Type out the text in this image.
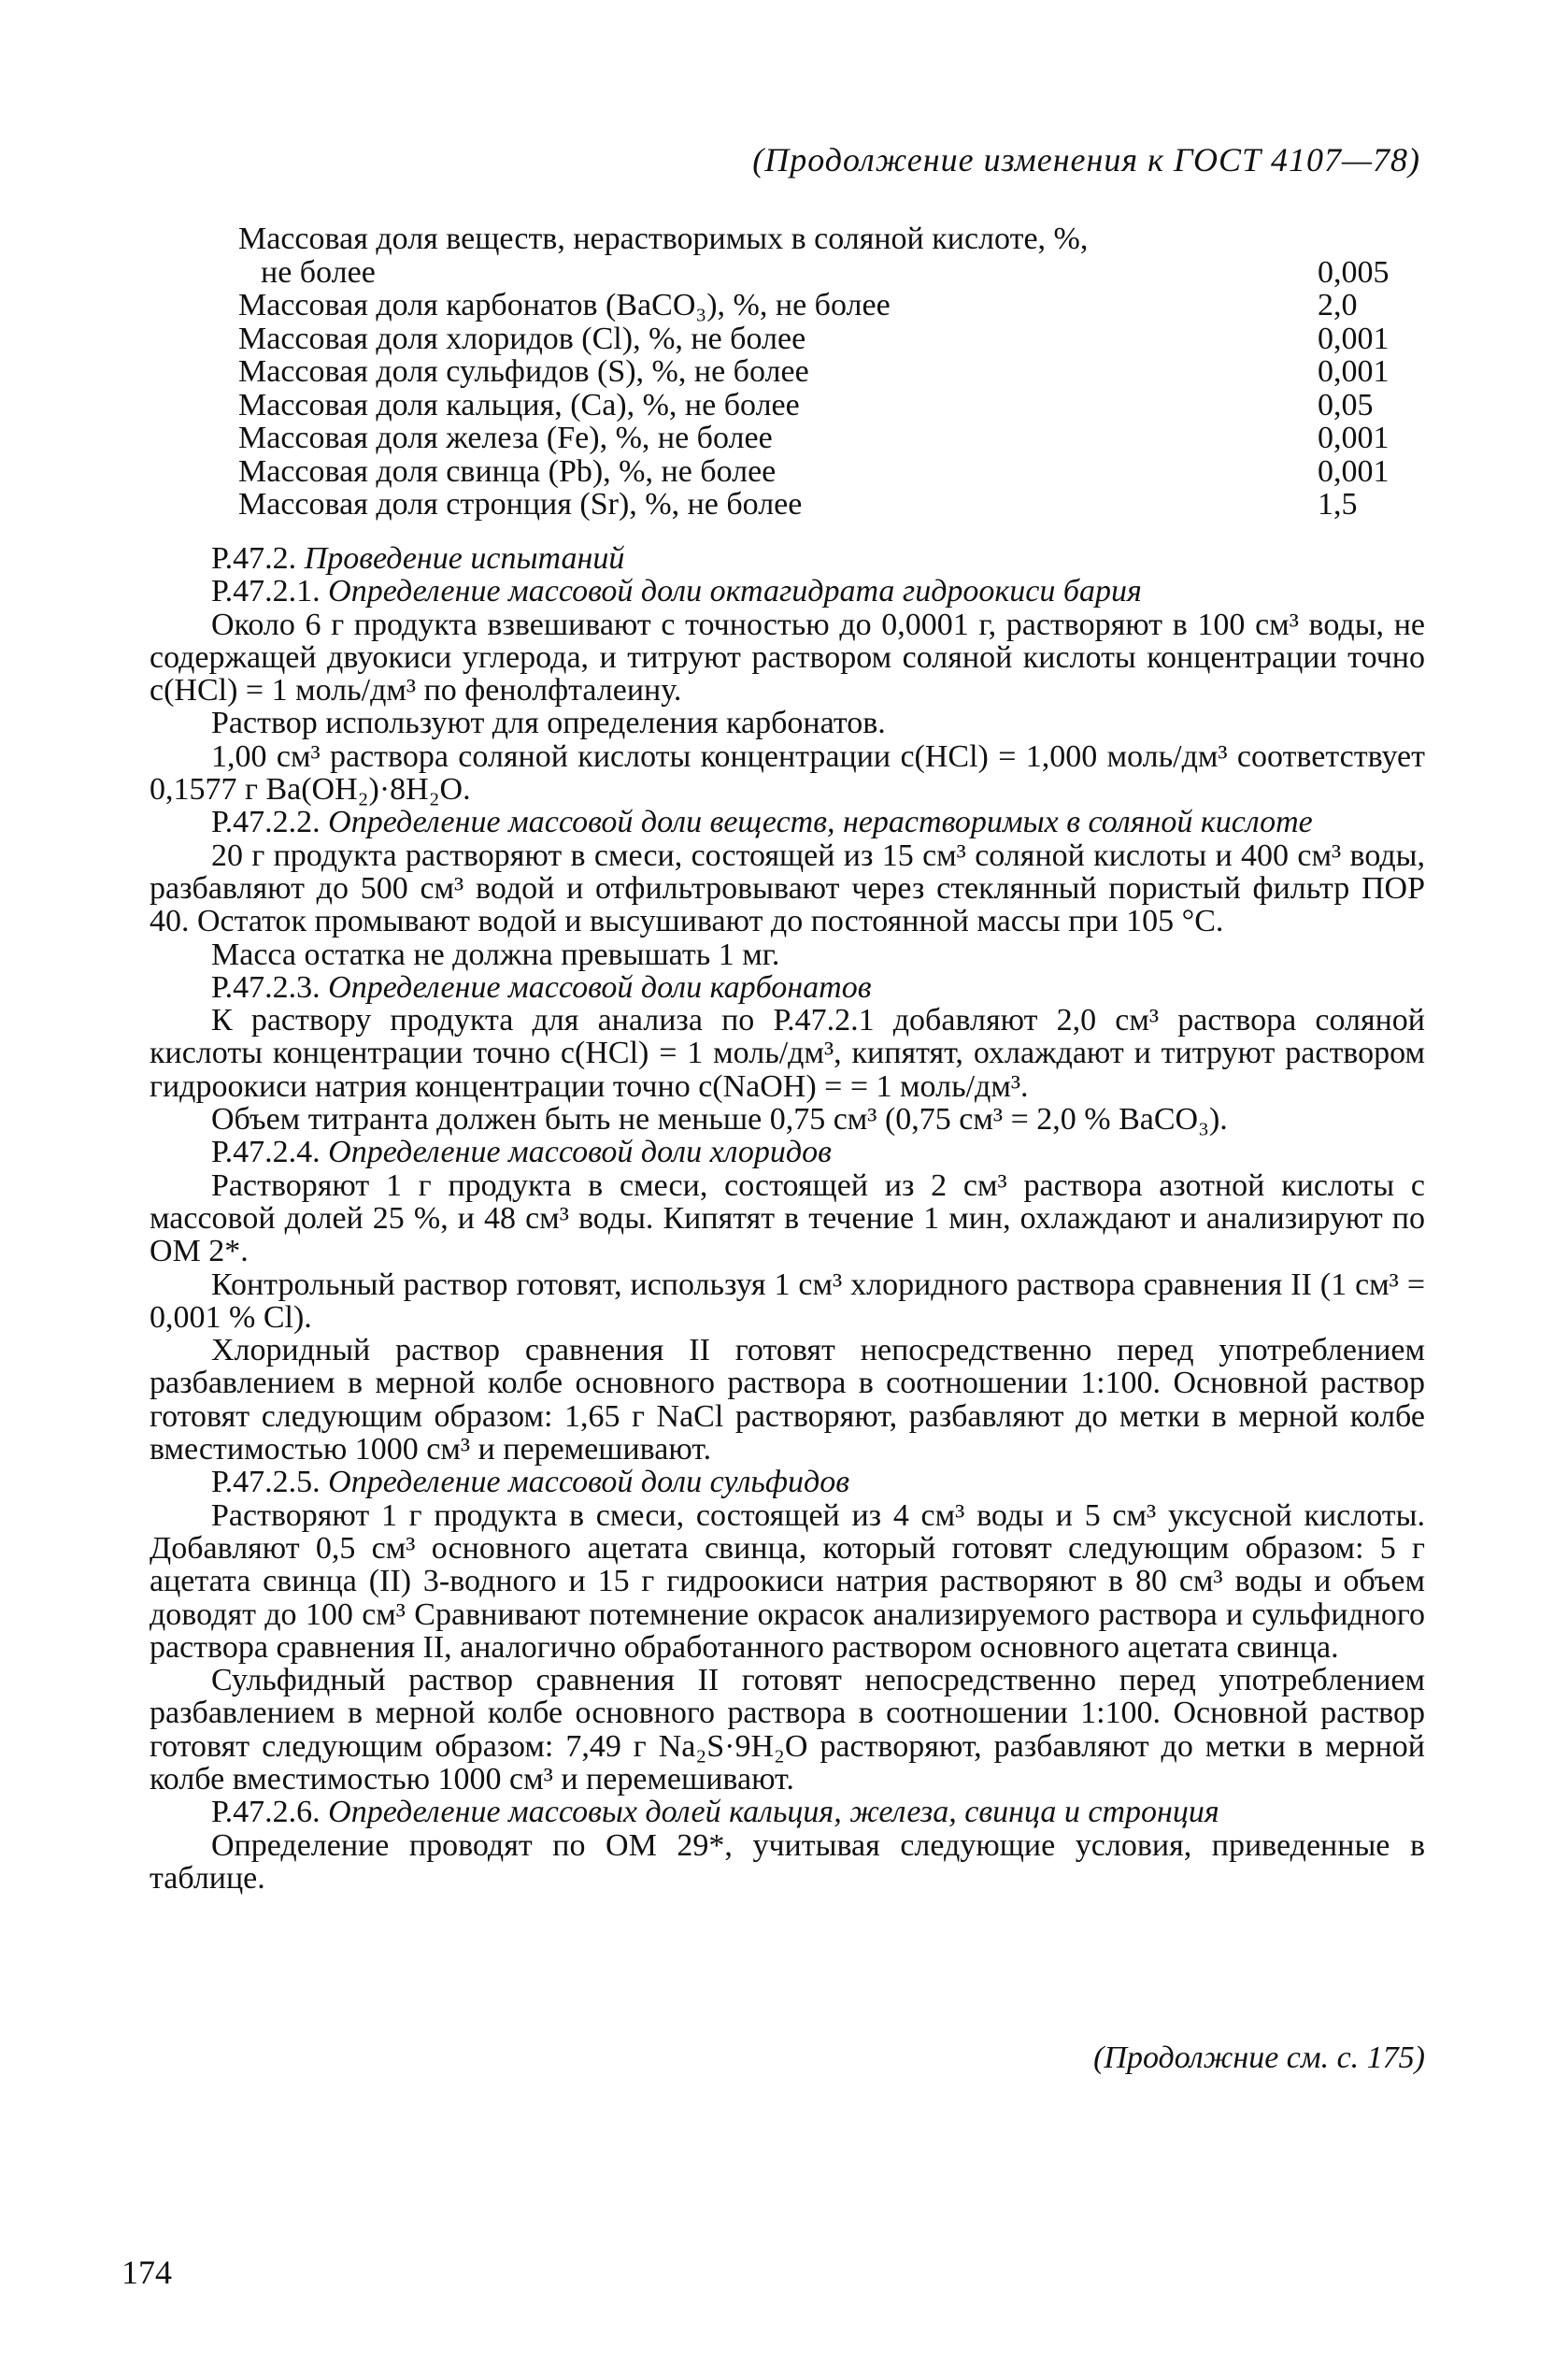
(Продолжение изменения к ГОСТ 4107—78)
Массовая доля веществ, нерастворимых в соляной кислоте, %,
не более	0,005
Массовая доля карбонатов (BaCO₃), %, не более	2,0
Массовая доля хлоридов (Cl), %, не более	0,001
Массовая доля сульфидов (S), %, не более	0,001
Массовая доля кальция, (Ca), %, не более	0,05
Массовая доля железа (Fe), %, не более	0,001
Массовая доля свинца (Pb), %, не более	0,001
Массовая доля стронция (Sr), %, не более	1,5

Р.47.2. Проведение испытаний

Р.47.2.1. Определение массовой доли октагидрата гидроокиси бария

Около 6 г продукта взвешивают с точностью до 0,0001 г, растворяют в 100 см³ воды, не содержащей двуокиси углерода, и титруют раствором соляной кислоты концентрации точно c(HCl) = 1 моль/дм³ по фенолфталеину.

Раствор используют для определения карбонатов.

1,00 см³ раствора соляной кислоты концентрации c(HCl) = 1,000 моль/дм³ соответствует 0,1577 г Ba(OH₂)·8H₂O.

Р.47.2.2. Определение массовой доли веществ, нерастворимых в соляной кислоте

20 г продукта растворяют в смеси, состоящей из 15 см³ соляной кислоты и 400 см³ воды, разбавляют до 500 см³ водой и отфильтровывают через стеклянный пористый фильтр ПОР 40. Остаток промывают водой и высушивают до постоянной массы при 105 °С.

Масса остатка не должна превышать 1 мг.

Р.47.2.3. Определение массовой доли карбонатов

К раствору продукта для анализа по Р.47.2.1 добавляют 2,0 см³ раствора соляной кислоты концентрации точно c(HCl) = 1 моль/дм³, кипятят, охлаждают и титруют раствором гидроокиси натрия концентрации точно c(NaOH) = = 1 моль/дм³.

Объем титранта должен быть не меньше 0,75 см³ (0,75 см³ = 2,0 % BaCO₃).

Р.47.2.4. Определение массовой доли хлоридов

Растворяют 1 г продукта в смеси, состоящей из 2 см³ раствора азотной кислоты с массовой долей 25 %, и 48 см³ воды. Кипятят в течение 1 мин, охлаждают и анализируют по ОМ 2*.

Контрольный раствор готовят, используя 1 см³ хлоридного раствора сравнения II (1 см³ = 0,001 % Cl).

Хлоридный раствор сравнения II готовят непосредственно перед употреблением разбавлением в мерной колбе основного раствора в соотношении 1:100. Основной раствор готовят следующим образом: 1,65 г NaCl растворяют, разбавляют до метки в мерной колбе вместимостью 1000 см³ и перемешивают.

Р.47.2.5. Определение массовой доли сульфидов

Растворяют 1 г продукта в смеси, состоящей из 4 см³ воды и 5 см³ уксусной кислоты. Добавляют 0,5 см³ основного ацетата свинца, который готовят следующим образом: 5 г ацетата свинца (II) 3-водного и 15 г гидроокиси натрия растворяют в 80 см³ воды и объем доводят до 100 см³ Сравнивают потемнение окрасок анализируемого раствора и сульфидного раствора сравнения II, аналогично обработанного раствором основного ацетата свинца.

Сульфидный раствор сравнения II готовят непосредственно перед употреблением разбавлением в мерной колбе основного раствора в соотношении 1:100. Основной раствор готовят следующим образом: 7,49 г Na₂S·9H₂O растворяют, разбавляют до метки в мерной колбе вместимостью 1000 см³ и перемешивают.

Р.47.2.6. Определение массовых долей кальция, железа, свинца и стронция

Определение проводят по ОМ 29*, учитывая следующие условия, приведенные в таблице.

(Продолжние см. с. 175)
174
